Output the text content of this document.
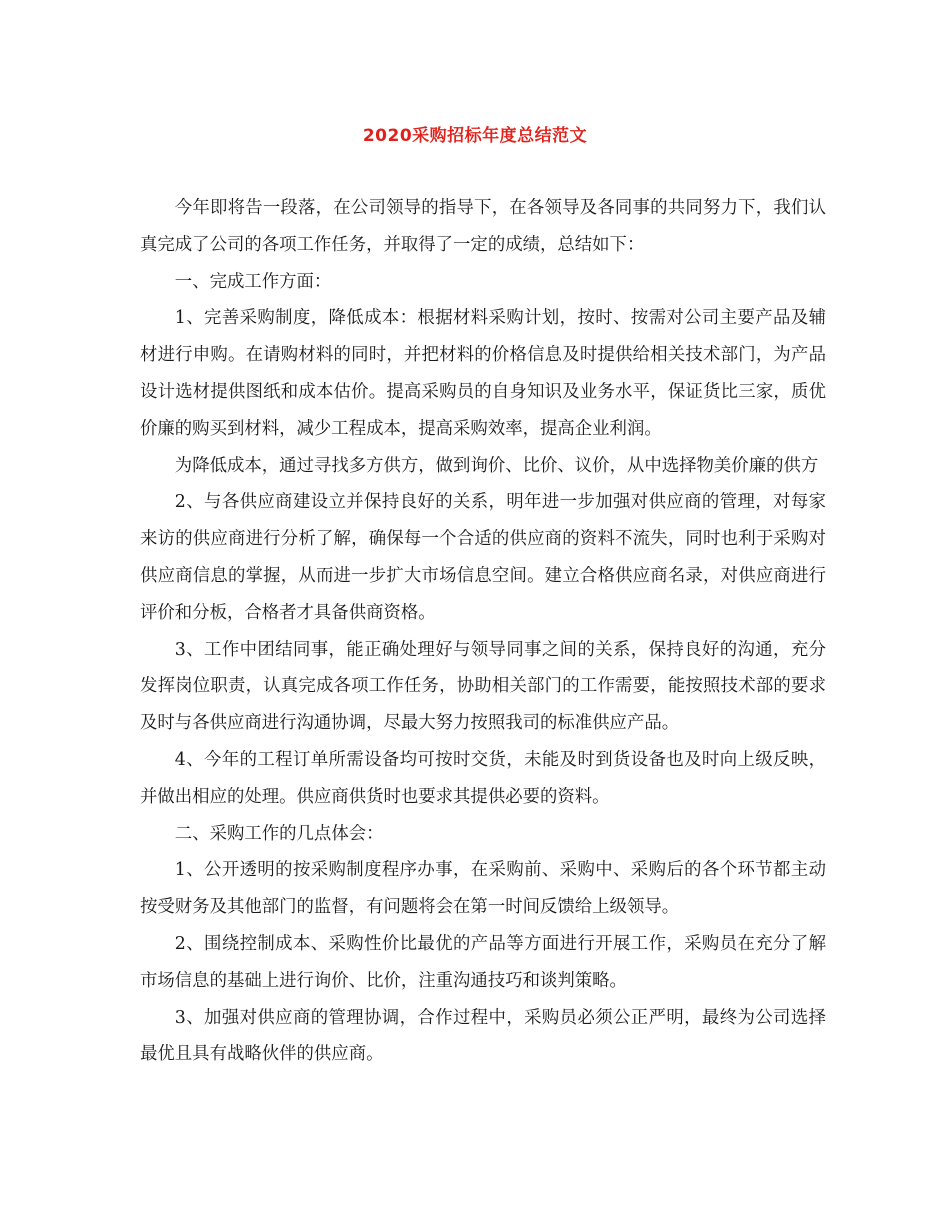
2020采购招标年度总结范文

今年即将告一段落，在公司领导的指导下，在各领导及各同事的共同努力下，我们认真完成了公司的各项工作任务，并取得了一定的成绩，总结如下：

一、完成工作方面：

1、完善采购制度，降低成本：根据材料采购计划，按时、按需对公司主要产品及辅材进行申购。在请购材料的同时，并把材料的价格信息及时提供给相关技术部门，为产品设计选材提供图纸和成本估价。提高采购员的自身知识及业务水平，保证货比三家，质优价廉的购买到材料，减少工程成本，提高采购效率，提高企业利润。

为降低成本，通过寻找多方供方，做到询价、比价、议价，从中选择物美价廉的供方

2、与各供应商建设立并保持良好的关系，明年进一步加强对供应商的管理，对每家来访的供应商进行分析了解，确保每一个合适的供应商的资料不流失，同时也利于采购对供应商信息的掌握，从而进一步扩大市场信息空间。建立合格供应商名录，对供应商进行评价和分板，合格者才具备供商资格。

3、工作中团结同事，能正确处理好与领导同事之间的关系，保持良好的沟通，充分发挥岗位职责，认真完成各项工作任务，协助相关部门的工作需要，能按照技术部的要求及时与各供应商进行沟通协调，尽最大努力按照我司的标准供应产品。

4、今年的工程订单所需设备均可按时交货，未能及时到货设备也及时向上级反映，并做出相应的处理。供应商供货时也要求其提供必要的资料。

二、采购工作的几点体会：

1、公开透明的按采购制度程序办事，在采购前、采购中、采购后的各个环节都主动按受财务及其他部门的监督，有问题将会在第一时间反馈给上级领导。

2、围绕控制成本、采购性价比最优的产品等方面进行开展工作，采购员在充分了解市场信息的基础上进行询价、比价，注重沟通技巧和谈判策略。

3、加强对供应商的管理协调，合作过程中，采购员必须公正严明，最终为公司选择最优且具有战略伙伴的供应商。
